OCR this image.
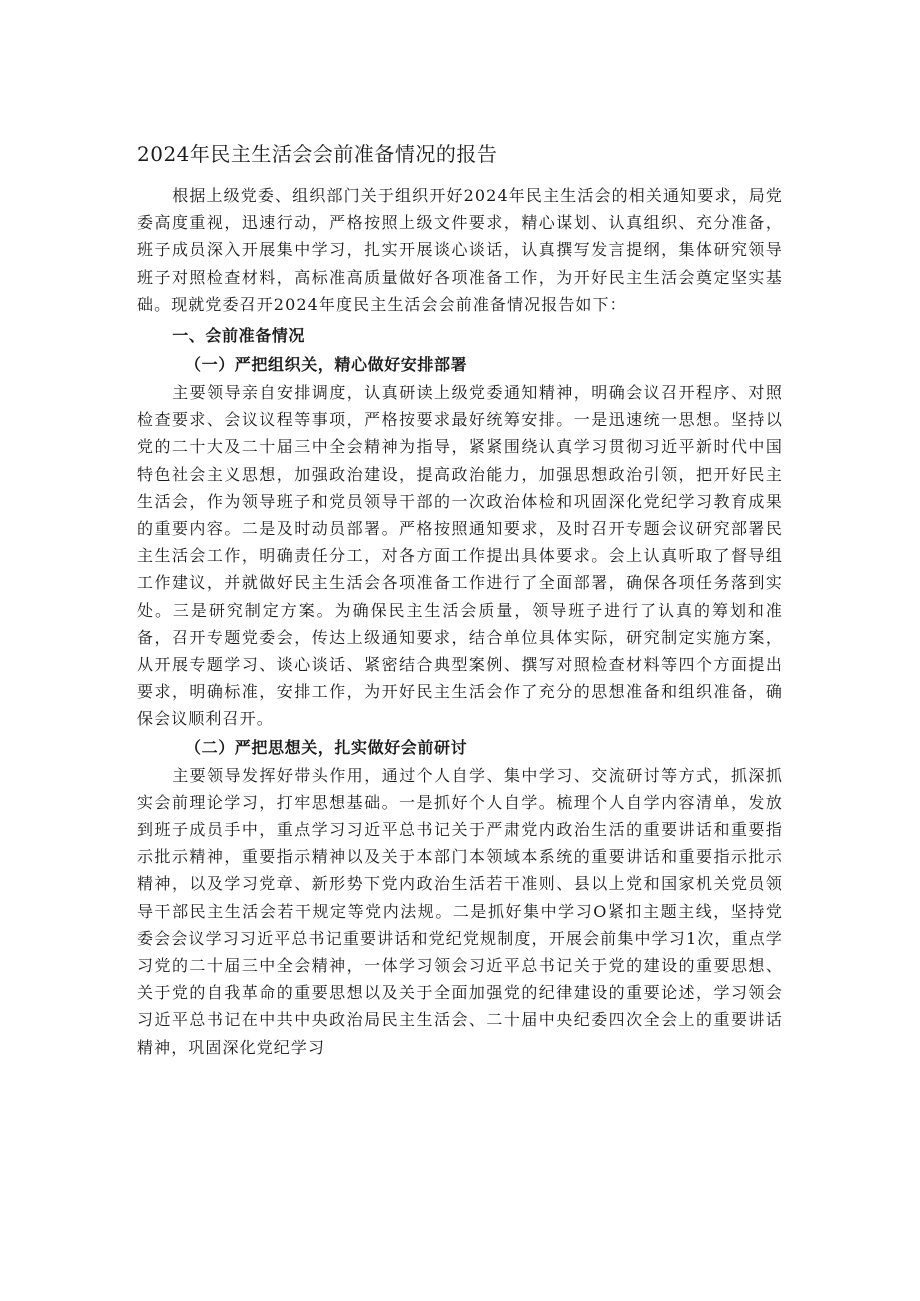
2024年民主生活会会前准备情况的报告

根据上级党委、组织部门关于组织开好2024年民主生活会的相关通知要求，局党委高度重视，迅速行动，严格按照上级文件要求，精心谋划、认真组织、充分准备，班子成员深入开展集中学习，扎实开展谈心谈话，认真撰写发言提纲，集体研究领导班子对照检查材料，高标准高质量做好各项准备工作，为开好民主生活会奠定坚实基础。现就党委召开2024年度民主生活会会前准备情况报告如下：

一、会前准备情况

（一）严把组织关，精心做好安排部署

主要领导亲自安排调度，认真研读上级党委通知精神，明确会议召开程序、对照检查要求、会议议程等事项，严格按要求最好统筹安排。一是迅速统一思想。坚持以党的二十大及二十届三中全会精神为指导，紧紧围绕认真学习贯彻习近平新时代中国特色社会主义思想，加强政治建设，提高政治能力，加强思想政治引领，把开好民主生活会，作为领导班子和党员领导干部的一次政治体检和巩固深化党纪学习教育成果的重要内容。二是及时动员部署。严格按照通知要求，及时召开专题会议研究部署民主生活会工作，明确责任分工，对各方面工作提出具体要求。会上认真听取了督导组工作建议，并就做好民主生活会各项准备工作进行了全面部署，确保各项任务落到实处。三是研究制定方案。为确保民主生活会质量，领导班子进行了认真的筹划和准备，召开专题党委会，传达上级通知要求，结合单位具体实际，研究制定实施方案，从开展专题学习、谈心谈话、紧密结合典型案例、撰写对照检查材料等四个方面提出要求，明确标准，安排工作，为开好民主生活会作了充分的思想准备和组织准备，确保会议顺利召开。

（二）严把思想关，扎实做好会前研讨

主要领导发挥好带头作用，通过个人自学、集中学习、交流研讨等方式，抓深抓实会前理论学习，打牢思想基础。一是抓好个人自学。梳理个人自学内容清单，发放到班子成员手中，重点学习习近平总书记关于严肃党内政治生活的重要讲话和重要指示批示精神，重要指示精神以及关于本部门本领域本系统的重要讲话和重要指示批示精神，以及学习党章、新形势下党内政治生活若干准则、县以上党和国家机关党员领导干部民主生活会若干规定等党内法规。二是抓好集中学习O紧扣主题主线，坚持党委会会议学习习近平总书记重要讲话和党纪党规制度，开展会前集中学习1次，重点学习党的二十届三中全会精神，一体学习领会习近平总书记关于党的建设的重要思想、关于党的自我革命的重要思想以及关于全面加强党的纪律建设的重要论述，学习领会习近平总书记在中共中央政治局民主生活会、二十届中央纪委四次全会上的重要讲话精神，巩固深化党纪学习
